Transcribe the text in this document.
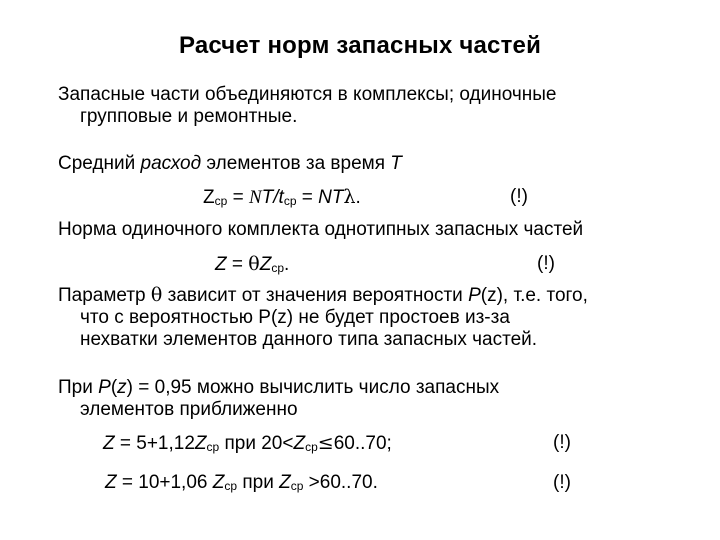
Расчет норм запасных частей
Запасные части объединяются в комплексы; одиночные
групповые и ремонтные.
Средний расход элементов за время T
$Z_{ср} = NT/t_{ср} = NT\lambda$.	(!)
Норма одиночного комплекта однотипных запасных частей
$Z = \theta Z_{ср}$.	(!)
Параметр θ зависит от значения вероятности P(z), т.е. того,
что с вероятностью P(z) не будет простоев из-за
нехватки элементов данного типа запасных частей.
При P(z) = 0,95 можно вычислить число запасных
элементов приближенно
$Z = 5+1,12Z_{ср}$ при $20<Z_{ср}\le 60..70$;	(!)
Z = 10+1,06 $Z_{ср}$ при $Z_{ср} >60..70$.	(!)
